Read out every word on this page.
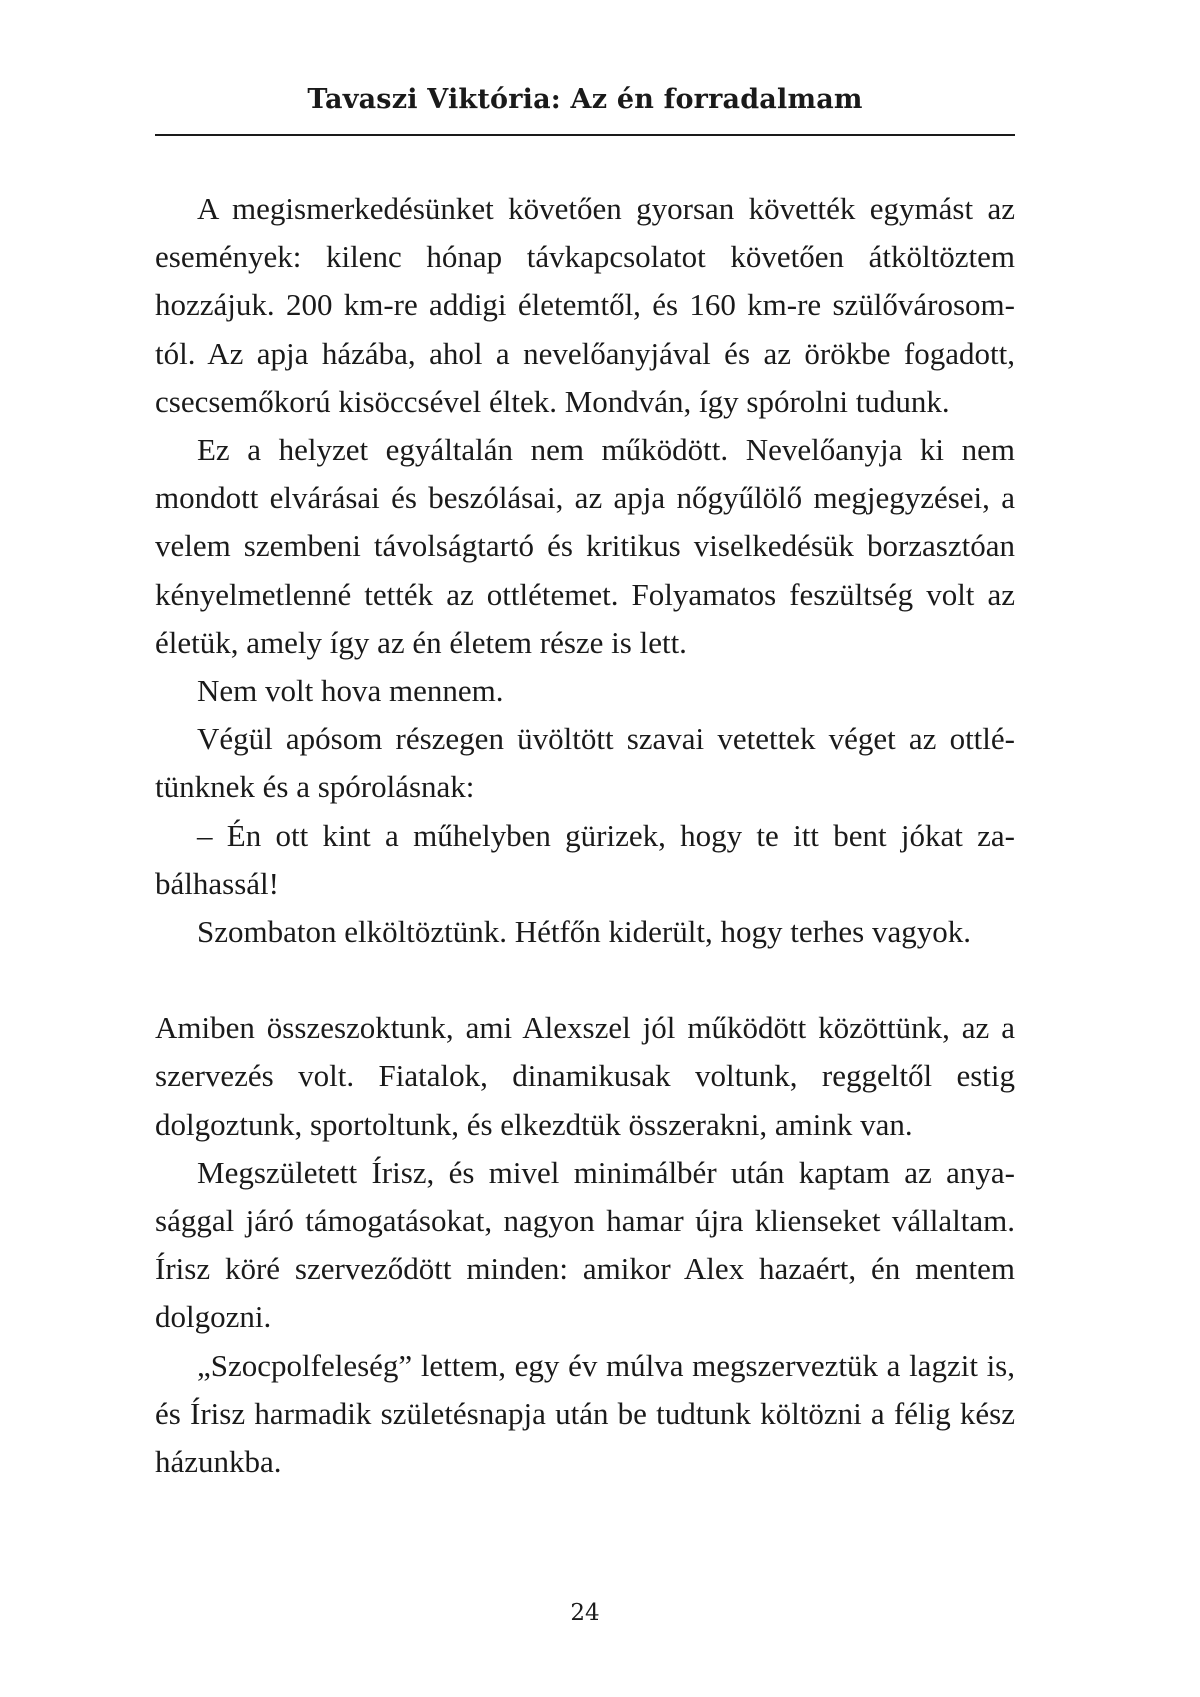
Tavaszi Viktória: Az én forradalmam

A megismerkedésünket követően gyorsan követték egymást az események: kilenc hónap távkapcsolatot követően átköltöztem hozzájuk. 200 km-re addigi életemtől, és 160 km-re szülővárosomtól. Az apja házába, ahol a nevelőanyjával és az örökbe fogadott, csecsemőkorú kisöccsével éltek. Mondván, így spórolni tudunk.

Ez a helyzet egyáltalán nem működött. Nevelőanyja ki nem mondott elvárásai és beszólásai, az apja nőgyűlölő megjegyzései, a velem szembeni távolságtartó és kritikus viselkedésük borzasztóan kényelmetlenné tették az ottlétemet. Folyamatos feszültség volt az életük, amely így az én életem része is lett.

Nem volt hova mennem.

Végül apósom részegen üvöltött szavai vetettek véget az ottlétünknek és a spórolásnak:

– Én ott kint a műhelyben gürizek, hogy te itt bent jókat zabálhassál!

Szombaton elköltöztünk. Hétfőn kiderült, hogy terhes vagyok.

Amiben összeszoktunk, ami Alexszel jól működött közöttünk, az a szervezés volt. Fiatalok, dinamikusak voltunk, reggeltől estig dolgoztunk, sportoltunk, és elkezdtük összerakni, amink van.

Megszületett Írisz, és mivel minimálbér után kaptam az anyasággal járó támogatásokat, nagyon hamar újra klienseket vállaltam. Írisz köré szerveződött minden: amikor Alex hazaért, én mentem dolgozni.

„Szocpolfeleség” lettem, egy év múlva megszerveztük a lagzit is, és Írisz harmadik születésnapja után be tudtunk költözni a félig kész házunkba.

24
